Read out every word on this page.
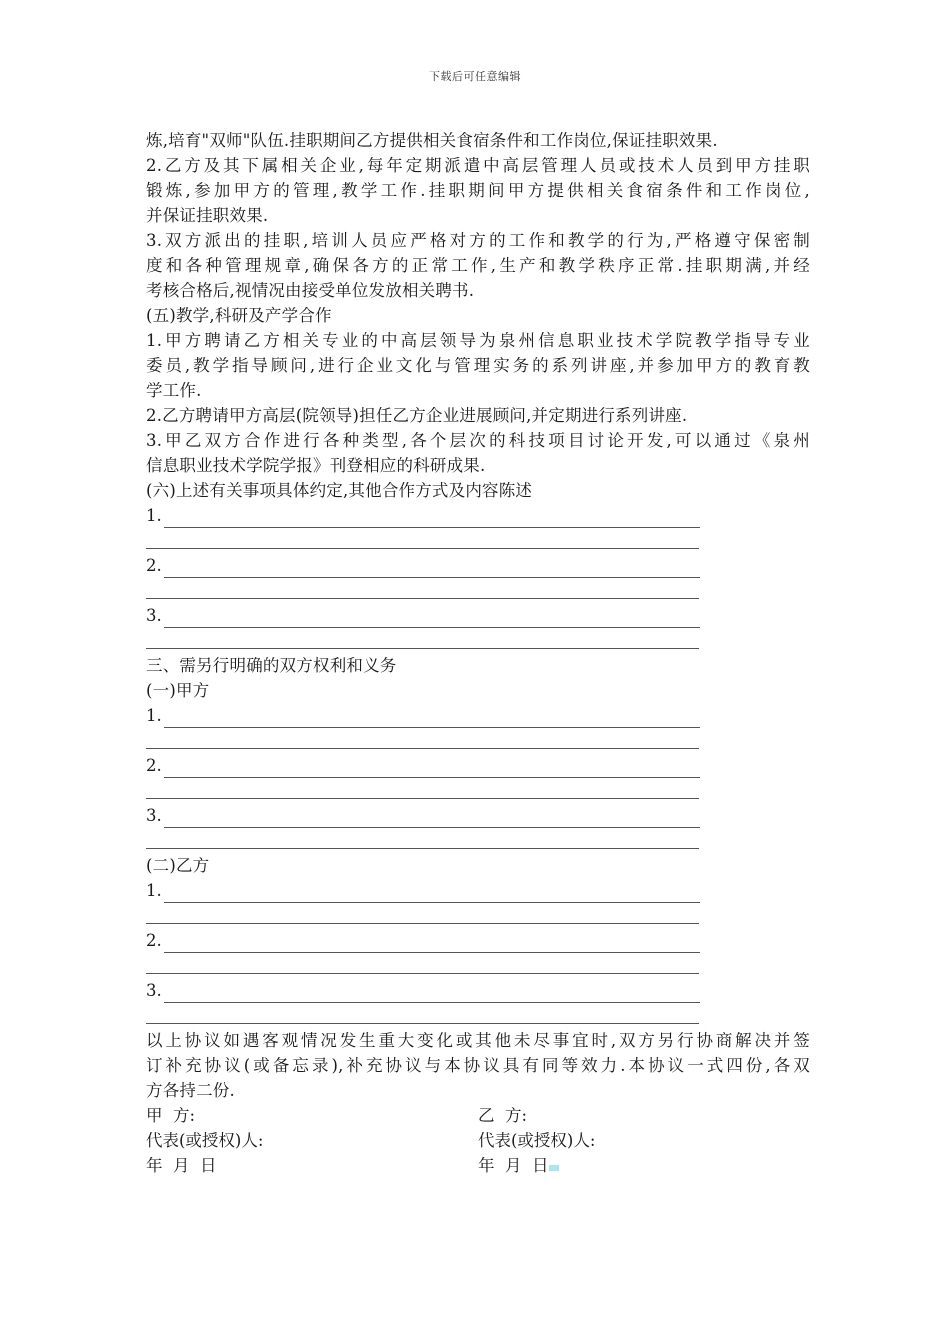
下载后可任意编辑
炼,培育"双师"队伍.挂职期间乙方提供相关食宿条件和工作岗位,保证挂职效果.
2.乙方及其下属相关企业,每年定期派遣中高层管理人员或技术人员到甲方挂职
锻炼,参加甲方的管理,教学工作.挂职期间甲方提供相关食宿条件和工作岗位,
并保证挂职效果.
3.双方派出的挂职,培训人员应严格对方的工作和教学的行为,严格遵守保密制
度和各种管理规章,确保各方的正常工作,生产和教学秩序正常.挂职期满,并经
考核合格后,视情况由接受单位发放相关聘书.
(五)教学,科研及产学合作
1.甲方聘请乙方相关专业的中高层领导为泉州信息职业技术学院教学指导专业
委员,教学指导顾问,进行企业文化与管理实务的系列讲座,并参加甲方的教育教
学工作.
2.乙方聘请甲方高层(院领导)担任乙方企业进展顾问,并定期进行系列讲座.
3.甲乙双方合作进行各种类型,各个层次的科技项目讨论开发,可以通过《泉州
信息职业技术学院学报》刊登相应的科研成果.
(六)上述有关事项具体约定,其他合作方式及内容陈述
1.
2.
3.
三、需另行明确的双方权利和义务
(一)甲方
1.
2.
3.
(二)乙方
1.
2.
3.
以上协议如遇客观情况发生重大变化或其他未尽事宜时,双方另行协商解决并签
订补充协议(或备忘录),补充协议与本协议具有同等效力.本协议一式四份,各双
方各持二份.
甲  方:	乙  方:
代表(或授权)人:	代表(或授权)人:
年  月  日	年  月  日
